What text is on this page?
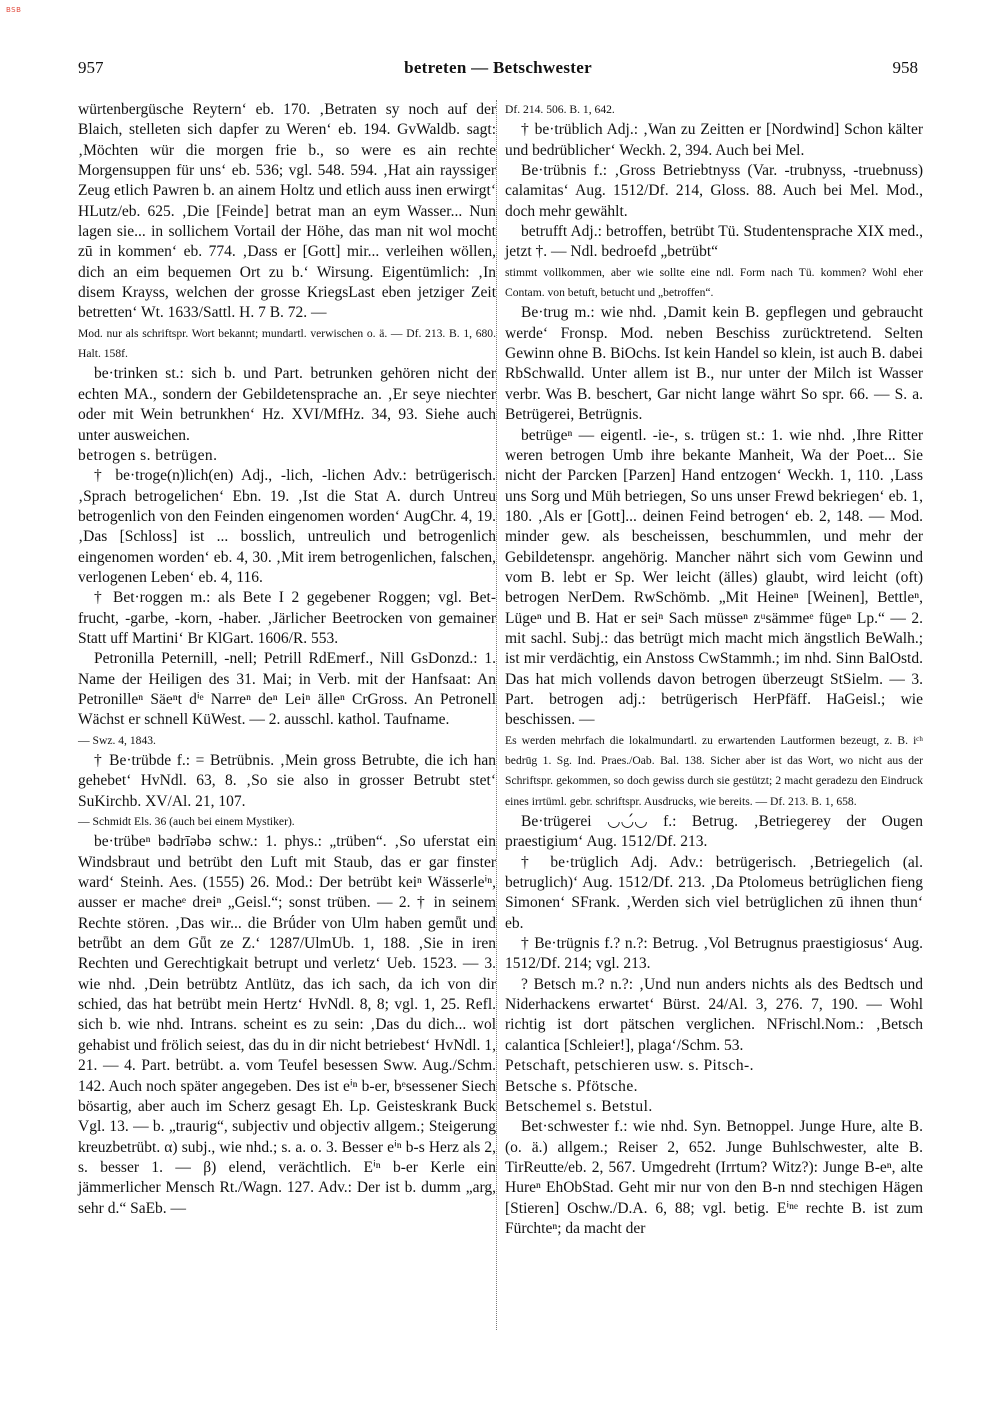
BSB
957	betreten — Betschwester	958

würtenbergüsche Reytern‘ eb. 170. ‚Betraten sy noch auf der Blaich, stelleten sich dapfer zu Weren‘ eb. 194. GvWaldb. sagt: ‚Möchten wür die morgen frie b., so were es ain rechte Morgensuppen für uns‘ eb. 536; vgl. 548. 594. ‚Hat ain rayssiger Zeug etlich Pawren b. an ainem Holtz und etlich auss inen erwirgt‘ HLutz/eb. 625. ‚Die [Feinde] betrat man an eym Wasser... Nun lagen sie... in sollichem Vortail der Höhe, das man nit wol mocht zū in kommen‘ eb. 774. ‚Dass er [Gott] mir... verleihen wöllen, dich an eim bequemen Ort zu b.‘ Wirsung. Eigentümlich: ‚In disem Krayss, welchen der grosse KriegsLast eben jetziger Zeit betretten‘ Wt. 1633/Sattl. H. 7 B. 72. —

Mod. nur als schriftspr. Wort bekannt; mundartl. verwischen o. ä. — Df. 213. B. 1, 680. Halt. 158f.

be·trinken st.: sich b. und Part. betrunken gehören nicht der echten MA., sondern der Gebildetensprache an. ‚Er seye niechter oder mit Wein betrunkhen‘ Hz. XVI/MfHz. 34, 93. Siehe auch unter ausweichen.

betrogen s. betrügen.

† be·troge(n)lich(en) Adj., -lich, -lichen Adv.: betrügerisch. ‚Sprach betrogelichen‘ Ebn. 19. ‚Ist die Stat A. durch Untreu betrogenlich von den Feinden eingenomen worden‘ AugChr. 4, 19. ‚Das [Schloss] ist ... bosslich, untreulich und betrogenlich eingenomen worden‘ eb. 4, 30. ‚Mit irem betrogenlichen, falschen, verlogenen Leben‘ eb. 4, 116.

† Bet·roggen m.: als Bete I 2 gegebener Roggen; vgl. Bet-frucht, -garbe, -korn, -haber. ‚Järlicher Beetrocken von gemainer Statt uff Martini‘ Br KlGart. 1606/R. 553.

Petronilla Peternill, -nell; Petrill RdEmerf., Nill GsDonzd.: 1. Name der Heiligen des 31. Mai; in Verb. mit der Hanfsaat: An Petronilleⁿ Säeⁿt dⁱᵉ Narreⁿ deⁿ Leiⁿ älleⁿ CrGross. An Petronell Wächst er schnell KüWest. — 2. ausschl. kathol. Taufname.

— Swz. 4, 1843.

† Be·trübde f.: = Betrübnis. ‚Mein gross Betrubte, die ich han gehebet‘ HvNdl. 63, 8. ‚So sie also in grosser Betrubt stet‘ SuKirchb. XV/Al. 21, 107.

— Schmidt Els. 36 (auch bei einem Mystiker).

be·trübeⁿ bədrīəbə schw.: 1. phys.: „trüben“. ‚So uferstat ein Windsbraut und betrübt den Luft mit Staub, das er gar finster ward‘ Steinh. Aes. (1555) 26. Mod.: Der betrübt keiⁿ Wässerleⁱⁿ, ausser er macheᵉ dreiⁿ „Geisl.“; sonst trüben. — 2. † in seinem Rechte stören. ‚Das wir... die Brǘder von Ulm haben gemǖt und betrǖbt an dem Gǖt ze Z.‘ 1287/UlmUb. 1, 188. ‚Sie in iren Rechten und Gerechtigkait betrupt und verletz‘ Ueb. 1523. — 3. wie nhd. ‚Dein betrübtz Antlütz, das ich sach, da ich von dir schied, das hat betrübt mein Hertz‘ HvNdl. 8, 8; vgl. 1, 25. Refl. sich b. wie nhd. Intrans. scheint es zu sein: ‚Das du dich... wol gehabist und frölich seiest, das du in dir nicht betriebest‘ HvNdl. 1, 21. — 4. Part. betrübt. a. vom Teufel besessen Sww. Aug./Schm. 142. Auch noch später angegeben. Des ist eⁱⁿ b-er, bᵉsessener Siech bösartig, aber auch im Scherz gesagt Eh. Lp. Geisteskrank Buck Vgl. 13. — b. „traurig“, subjectiv und objectiv allgem.; Steigerung kreuzbetrübt. α) subj., wie nhd.; s. a. o. 3. Besser eⁱⁿ b-s Herz als 2, s. besser 1. — β) elend, verächtlich. Eⁱⁿ b-er Kerle ein jämmerlicher Mensch Rt./Wagn. 127. Adv.: Der ist b. dumm „arg, sehr d.“ SaEb. —

Df. 214. 506. B. 1, 642.

† be·trüblich Adj.: ‚Wan zu Zeitten er [Nordwind] Schon kälter und bedrüblicher‘ Weckh. 2, 394. Auch bei Mel.

Be·trübnis f.: ‚Gross Betriebtnyss (Var. -trubnyss, -truebnuss) calamitas‘ Aug. 1512/Df. 214, Gloss. 88. Auch bei Mel. Mod., doch mehr gewählt.

betrufft Adj.: betroffen, betrübt Tü. Studentensprache XIX med., jetzt †. — Ndl. bedroefd „betrübt“

stimmt vollkommen, aber wie sollte eine ndl. Form nach Tü. kommen? Wohl eher Contam. von betuft, betucht und „betroffen“.

Be·trug m.: wie nhd. ‚Damit kein B. gepflegen und gebraucht werde‘ Fronsp. Mod. neben Beschiss zurücktretend. Selten Gewinn ohne B. BiOchs. Ist kein Handel so klein, ist auch B. dabei RbSchwalld. Unter allem ist B., nur unter der Milch ist Wasser verbr. Was B. beschert, Gar nicht lange währt So spr. 66. — S. a. Betrügerei, Betrügnis.

betrügeⁿ — eigentl. -ie-, s. trügen st.: 1. wie nhd. ‚Ihre Ritter weren betrogen Umb ihre bekante Manheit, Wa der Poet... Sie nicht der Parcken [Parzen] Hand entzogen‘ Weckh. 1, 110. ‚Lass uns Sorg und Müh betriegen, So uns unser Frewd bekriegen‘ eb. 1, 180. ‚Als er [Gott]... deinen Feind betrogen‘ eb. 2, 148. — Mod. minder gew. als bescheissen, beschummlen, und mehr der Gebildetenspr. angehörig. Mancher nährt sich vom Gewinn und vom B. lebt er Sp. Wer leicht (älles) glaubt, wird leicht (oft) betrogen NerDem. RwSchömb. „Mit Heineⁿ [Weinen], Bettleⁿ, Lügeⁿ und B. Hat er seiⁿ Sach müsseⁿ zᵘsämmeᵉ fügeⁿ Lp.“ — 2. mit sachl. Subj.: das betrügt mich macht mich ängstlich BeWalh.; ist mir verdächtig, ein Anstoss CwStammh.; im nhd. Sinn BalOstd. Das hat mich vollends davon betrogen überzeugt StSielm. — 3. Part. betrogen adj.: betrügerisch HerPfäff. HaGeisl.; wie beschissen. —

Es werden mehrfach die lokalmundartl. zu erwartenden Lautformen bezeugt, z. B. iᶜʰ bedrūg 1. Sg. Ind. Praes./Oab. Bal. 138. Sicher aber ist das Wort, wo nicht aus der Schriftspr. gekommen, so doch gewiss durch sie gestützt; 2 macht geradezu den Eindruck eines irrtüml. gebr. schriftspr. Ausdrucks, wie bereits. — Df. 213. B. 1, 658.

Be·trügerei ◡◡́◡ f.: Betrug. ‚Betriegerey der Ougen praestigium‘ Aug. 1512/Df. 213.

† be·trüglich Adj. Adv.: betrügerisch. ‚Betriegelich (al. betruglich)‘ Aug. 1512/Df. 213. ‚Da Ptolomeus betrüglichen fieng Simonen‘ SFrank. ‚Werden sich viel betrüglichen zū ihnen thun‘ eb.

† Be·trügnis f.? n.?: Betrug. ‚Vol Betrugnus praestigiosus‘ Aug. 1512/Df. 214; vgl. 213.

? Betsch m.? n.?: ‚Und nun anders nichts als des Bedtsch und Niderhackens erwartet‘ Bürst. 24/Al. 3, 276. 7, 190. — Wohl richtig ist dort pätschen verglichen. NFrischl.Nom.: ‚Betsch calantica [Schleier!], plaga‘/Schm. 53.

Petschaft, petschieren usw. s. Pitsch-.

Betsche s. Pfötsche.

Betschemel s. Betstul.

Bet·schwester f.: wie nhd. Syn. Betnoppel. Junge Hure, alte B. (o. ä.) allgem.; Reiser 2, 652. Junge Buhlschwester, alte B. TirReutte/eb. 2, 567. Umgedreht (Irrtum? Witz?): Junge B-eⁿ, alte Hureⁿ EhObStad. Geht mir nur von den B-n nnd stechigen Hägen [Stieren] Oschw./D.A. 6, 88; vgl. betig. Eⁱⁿᵉ rechte B. ist zum Fürchteⁿ; da macht der
